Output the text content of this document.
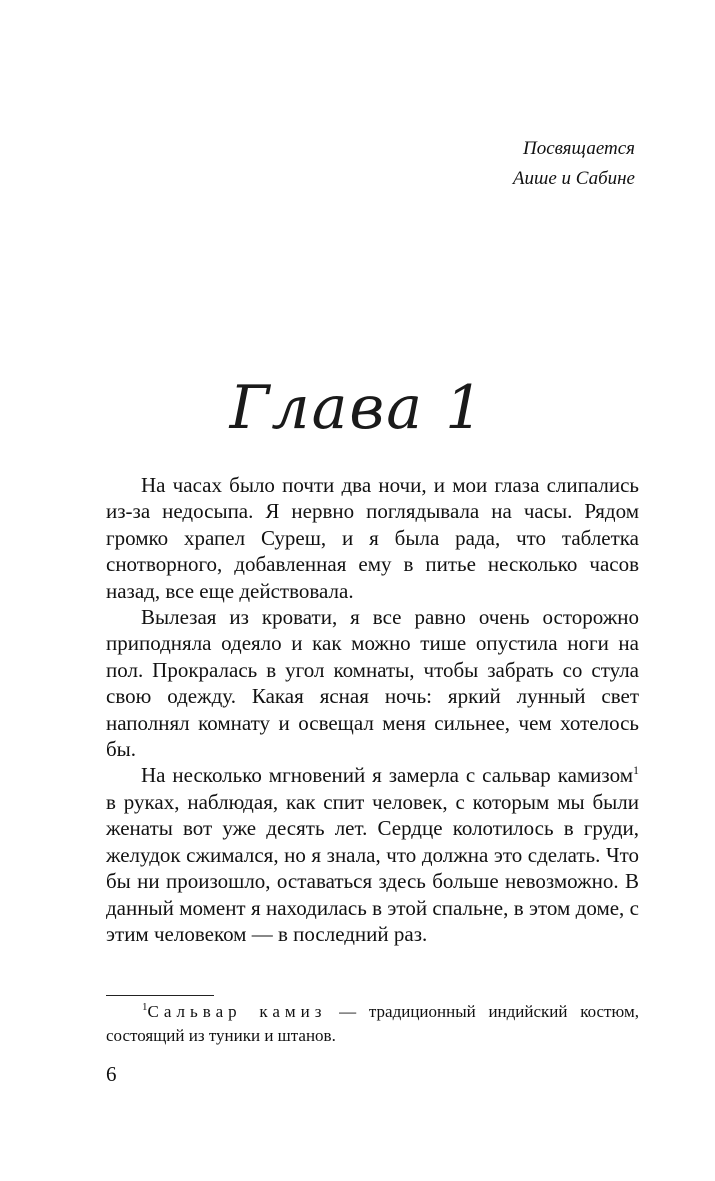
Посвящается
Аише и Сабине
Глава 1

На часах было почти два ночи, и мои глаза слипались из-за недосыпа. Я нервно поглядывала на часы. Рядом громко храпел Суреш, и я была рада, что таблетка снотворного, добавленная ему в питье несколько часов назад, все еще действовала.

Вылезая из кровати, я все равно очень осторожно приподняла одеяло и как можно тише опустила ноги на пол. Прокралась в угол комнаты, чтобы забрать со стула свою одежду. Какая ясная ночь: яркий лунный свет наполнял комнату и освещал меня сильнее, чем хотелось бы.

На несколько мгновений я замерла с сальвар камизом$^1$ в руках, наблюдая, как спит человек, с которым мы были женаты вот уже десять лет. Сердце колотилось в груди, желудок сжимался, но я знала, что должна это сделать. Что бы ни произошло, оставаться здесь больше невозможно. В данный момент я находилась в этой спальне, в этом доме, с этим человеком — в последний раз.

$^1$Сальвар камиз — традиционный индийский костюм, состоящий из туники и штанов.

6
